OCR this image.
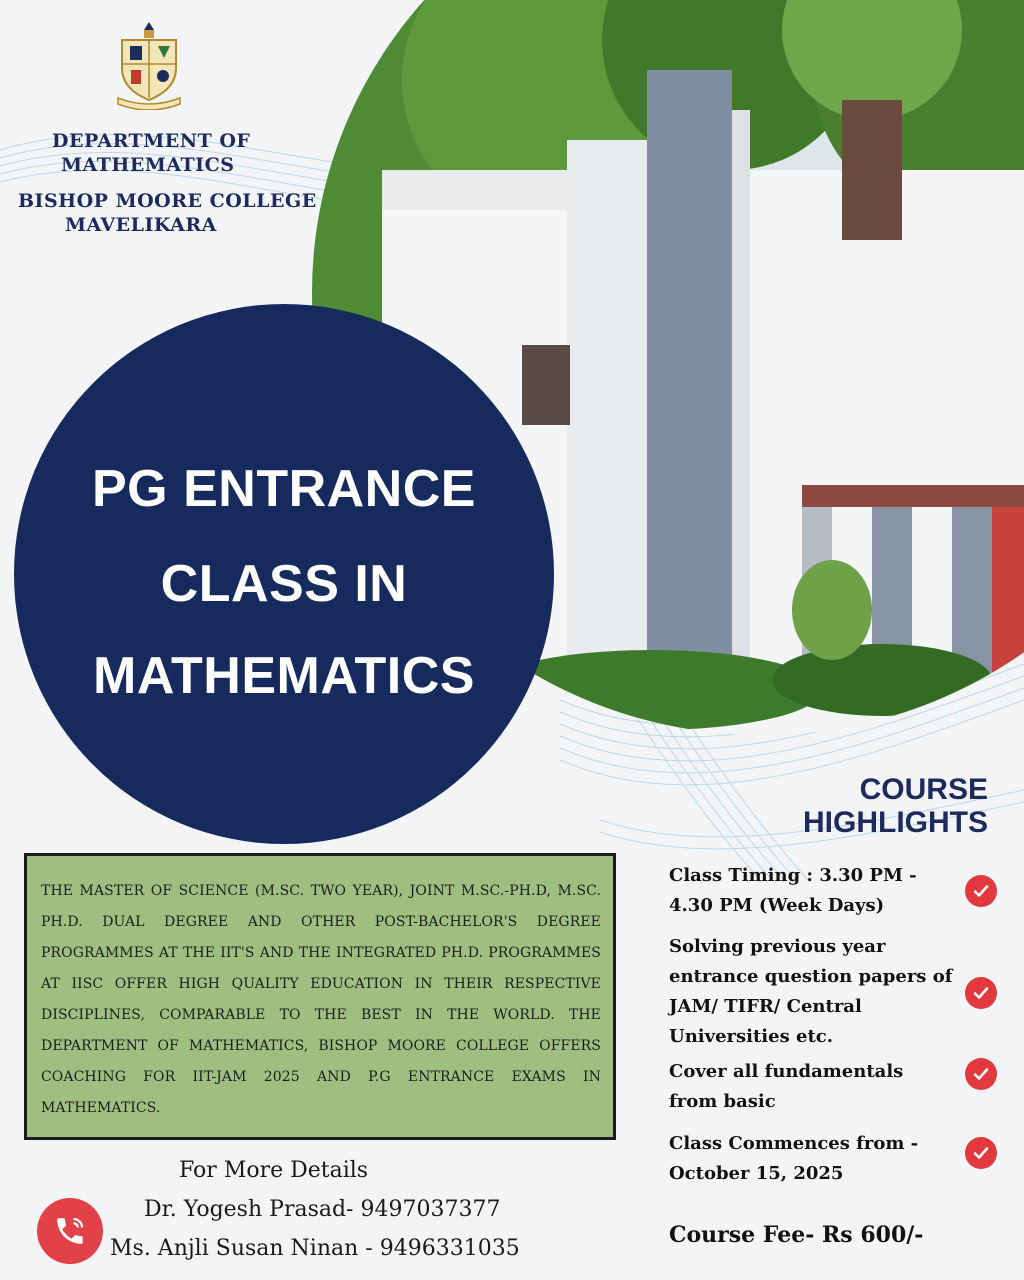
DEPARTMENT OF
MATHEMATICS
BISHOP MOORE COLLEGE
MAVELIKARA
PG ENTRANCE
CLASS IN
MATHEMATICS
COURSE
HIGHLIGHTS

THE MASTER OF SCIENCE (M.SC. TWO YEAR), JOINT M.SC.-PH.D, M.SC. PH.D. DUAL DEGREE AND OTHER POST-BACHELOR'S DEGREE PROGRAMMES AT THE IIT'S AND THE INTEGRATED PH.D. PROGRAMMES AT IISC OFFER HIGH QUALITY EDUCATION IN THEIR RESPECTIVE DISCIPLINES, COMPARABLE TO THE BEST IN THE WORLD. THE DEPARTMENT OF MATHEMATICS, BISHOP MOORE COLLEGE OFFERS COACHING FOR IIT-JAM 2025 AND P.G ENTRANCE EXAMS IN MATHEMATICS.

Class Timing : 3.30 PM - 4.30 PM (Week Days)
Solving previous year entrance question papers of JAM/ TIFR/ Central Universities etc.
Cover all fundamentals from basic
Class Commences from - October 15, 2025
Course Fee- Rs 600/-
For More Details
Dr. Yogesh Prasad- 9497037377
Ms. Anjli Susan Ninan - 9496331035
